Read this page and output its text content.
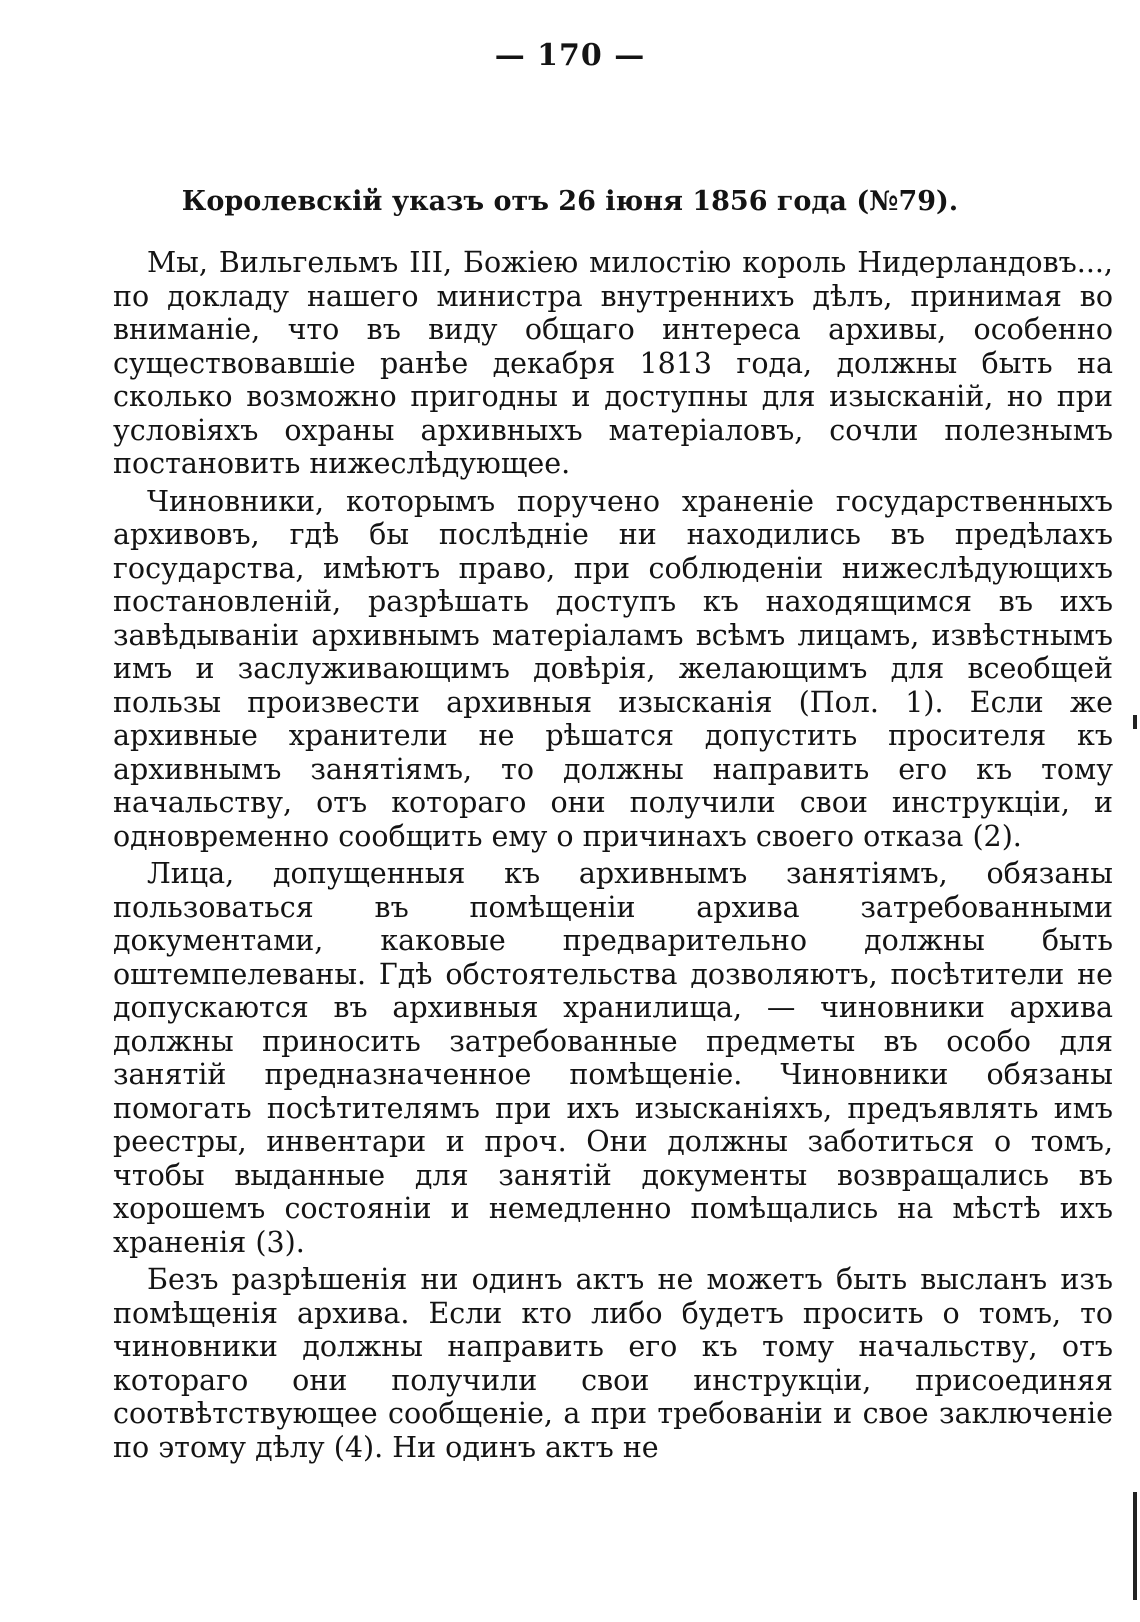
— 170 —
Королевскій указъ отъ 26 іюня 1856 года (№79).

Мы, Вильгельмъ III, Божіею милостію король Нидерландовъ..., по докладу нашего министра внутреннихъ дѣлъ, принимая во вниманіе, что въ виду общаго интереса архивы, особенно существовавшіе ранѣе декабря 1813 года, должны быть на сколько возможно пригодны и доступны для изысканій, но при условіяхъ охраны архивныхъ матеріаловъ, сочли полезнымъ постановить нижеслѣдующее.

Чиновники, которымъ поручено храненіе государственныхъ архивовъ, гдѣ бы послѣдніе ни находились въ предѣлахъ государства, имѣютъ право, при соблюденіи нижеслѣдующихъ постановленій, разрѣшать доступъ къ находящимся въ ихъ завѣдываніи архивнымъ матеріаламъ всѣмъ лицамъ, извѣстнымъ имъ и заслуживающимъ довѣрія, желающимъ для всеобщей пользы произвести архивныя изысканія (Пол. 1). Если же архивные хранители не рѣшатся допустить просителя къ архивнымъ занятіямъ, то должны направить его къ тому начальству, отъ котораго они получили свои инструкціи, и одновременно сообщить ему о причинахъ своего отказа (2).

Лица, допущенныя къ архивнымъ занятіямъ, обязаны пользоваться въ помѣщеніи архива затребованными документами, каковые предварительно должны быть оштемпелеваны. Гдѣ обстоятельства дозволяютъ, посѣтители не допускаются въ архивныя хранилища, — чиновники архива должны приносить затребованные предметы въ особо для занятій предназначенное помѣщеніе. Чиновники обязаны помогать посѣтителямъ при ихъ изысканіяхъ, предъявлять имъ реестры, инвентари и проч. Они должны заботиться о томъ, чтобы выданные для занятій документы возвращались въ хорошемъ состояніи и немедленно помѣщались на мѣстѣ ихъ храненія (3).

Безъ разрѣшенія ни одинъ актъ не можетъ быть высланъ изъ помѣщенія архива. Если кто либо будетъ просить о томъ, то чиновники должны направить его къ тому начальству, отъ котораго они получили свои инструкціи, присоединяя соотвѣтствующее сообщеніе, а при требованіи и свое заключеніе по этому дѣлу (4). Ни одинъ актъ не
